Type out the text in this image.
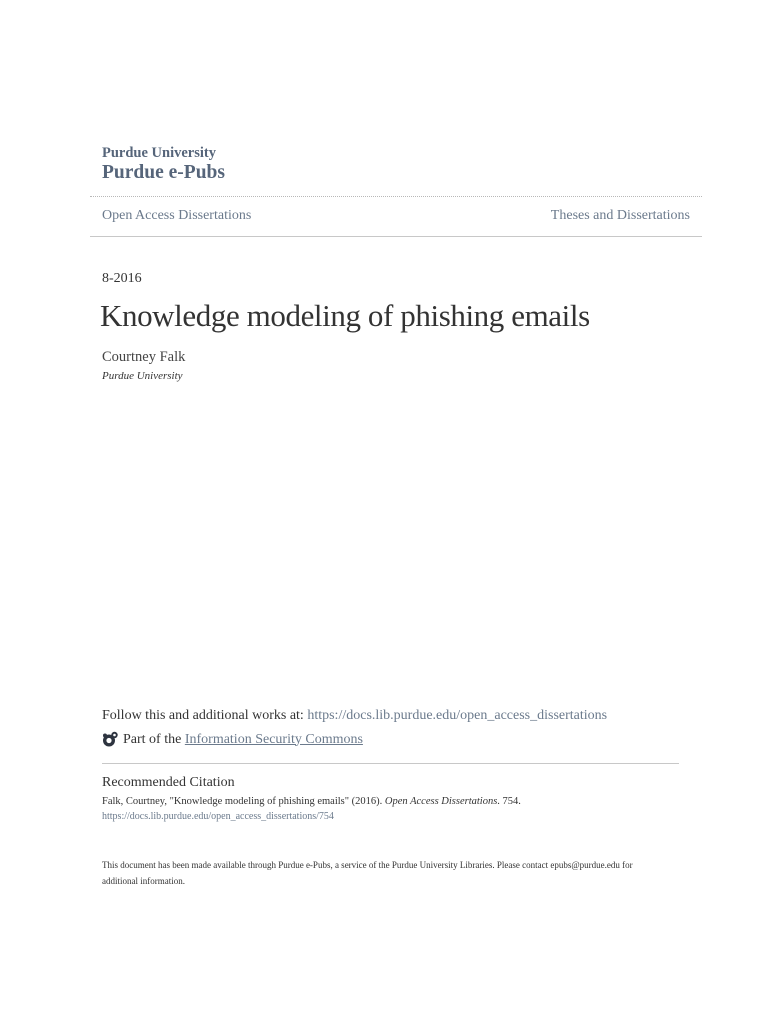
Purdue University
Purdue e-Pubs
Open Access Dissertations	Theses and Dissertations
8-2016
Knowledge modeling of phishing emails
Courtney Falk
Purdue University
Follow this and additional works at: https://docs.lib.purdue.edu/open_access_dissertations
Part of the
Information Security Commons
Recommended Citation
Falk, Courtney, "Knowledge modeling of phishing emails" (2016). Open Access Dissertations. 754.
https://docs.lib.purdue.edu/open_access_dissertations/754
This document has been made available through Purdue e-Pubs, a service of the Purdue University Libraries. Please contact epubs@purdue.edu for additional information.
